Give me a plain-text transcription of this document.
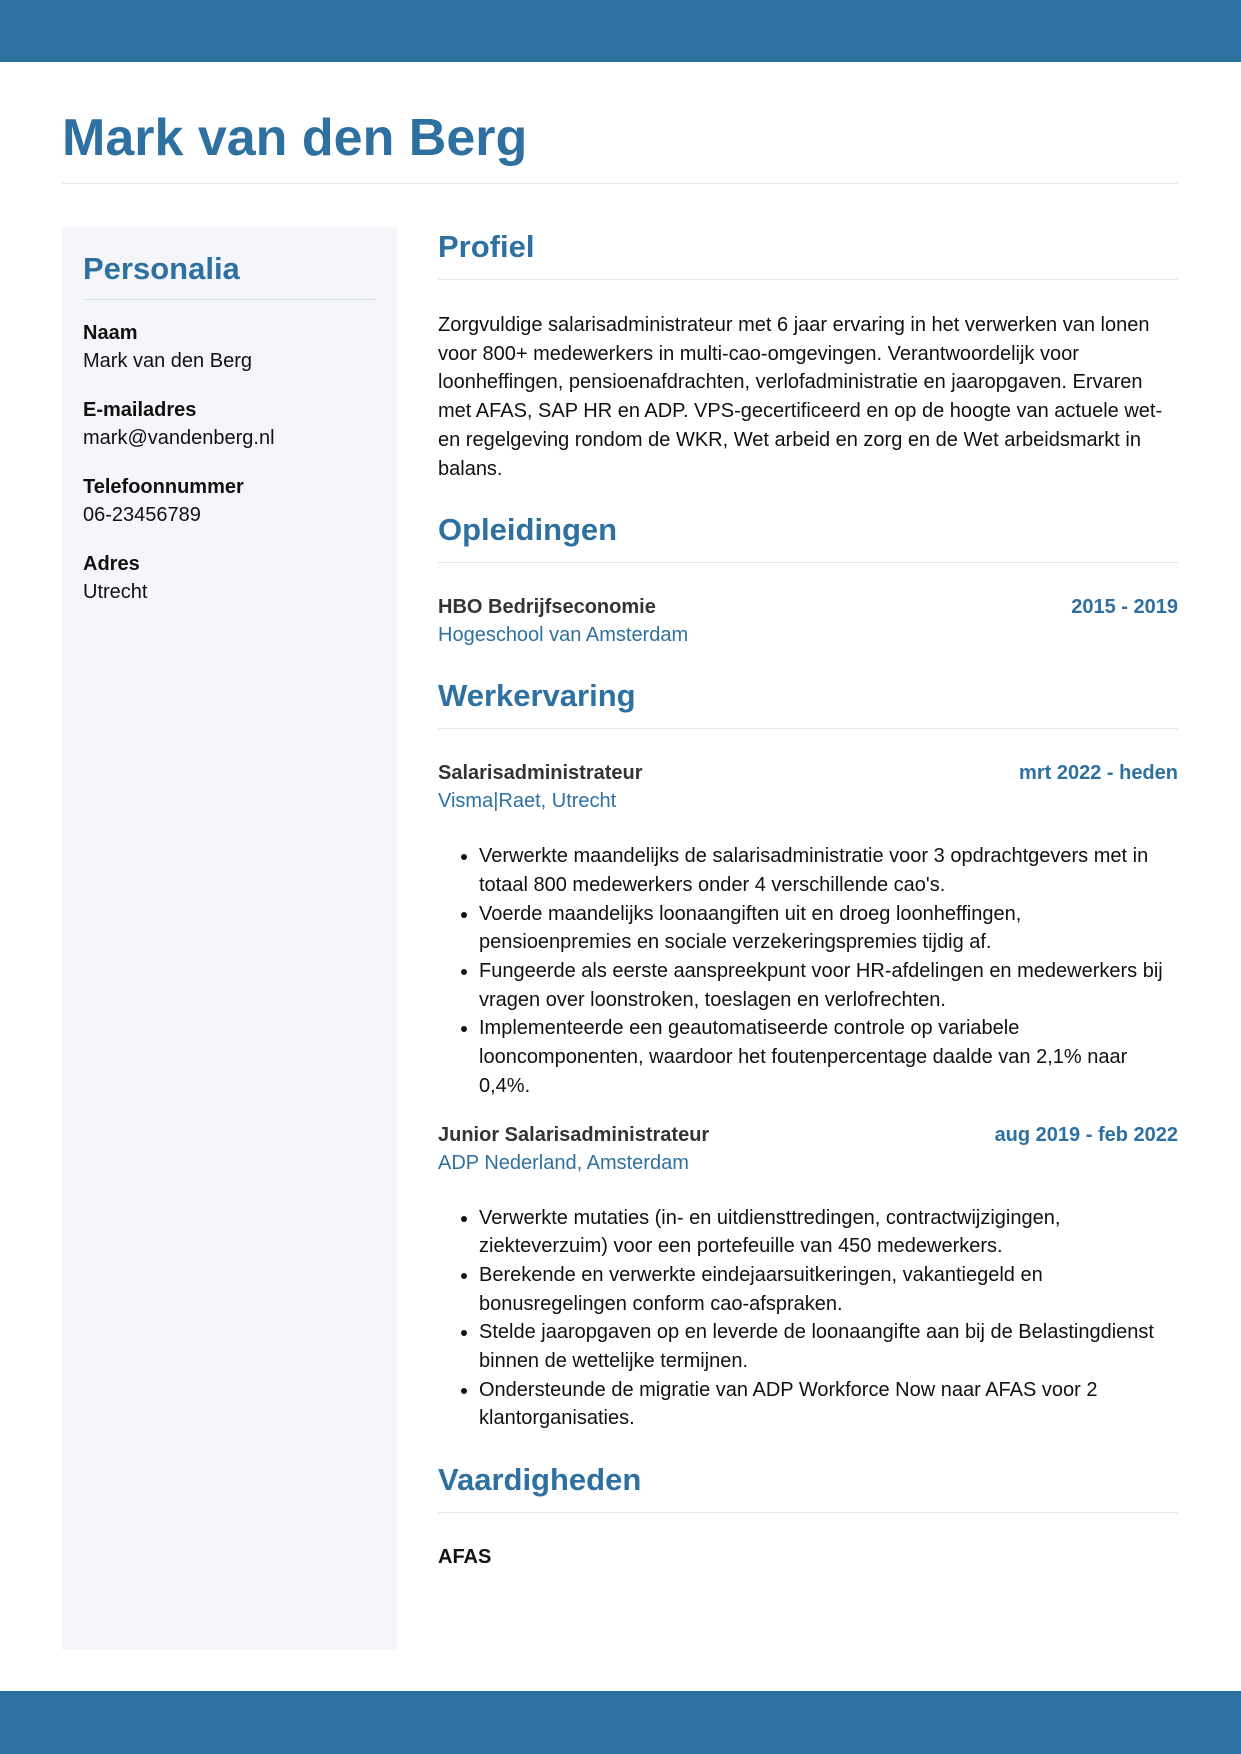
Mark van den Berg
Personalia
Naam
Mark van den Berg
E-mailadres
mark@vandenberg.nl
Telefoonnummer
06-23456789
Adres
Utrecht
Profiel

Zorgvuldige salarisadministrateur met 6 jaar ervaring in het verwerken van lonen voor 800+ medewerkers in multi-cao-omgevingen. Verantwoordelijk voor loonheffingen, pensioenafdrachten, verlofadministratie en jaaropgaven. Ervaren met AFAS, SAP HR en ADP. VPS-gecertificeerd en op de hoogte van actuele wet- en regelgeving rondom de WKR, Wet arbeid en zorg en de Wet arbeidsmarkt in balans.

Opleidingen
HBO Bedrijfseconomie	2015 - 2019
Hogeschool van Amsterdam
Werkervaring
Salarisadministrateur	mrt 2022 - heden
Visma|Raet, Utrecht
• Verwerkte maandelijks de salarisadministratie voor 3 opdrachtgevers met in totaal 800 medewerkers onder 4 verschillende cao's.
• Voerde maandelijks loonaangiften uit en droeg loonheffingen, pensioenpremies en sociale verzekeringspremies tijdig af.
• Fungeerde als eerste aanspreekpunt voor HR-afdelingen en medewerkers bij vragen over loonstroken, toeslagen en verlofrechten.
• Implementeerde een geautomatiseerde controle op variabele looncomponenten, waardoor het foutenpercentage daalde van 2,1% naar 0,4%.
Junior Salarisadministrateur	aug 2019 - feb 2022
ADP Nederland, Amsterdam
• Verwerkte mutaties (in- en uitdiensttredingen, contractwijzigingen, ziekteverzuim) voor een portefeuille van 450 medewerkers.
• Berekende en verwerkte eindejaarsuitkeringen, vakantiegeld en bonusregelingen conform cao-afspraken.
• Stelde jaaropgaven op en leverde de loonaangifte aan bij de Belastingdienst binnen de wettelijke termijnen.
• Ondersteunde de migratie van ADP Workforce Now naar AFAS voor 2 klantorganisaties.
Vaardigheden
AFAS
